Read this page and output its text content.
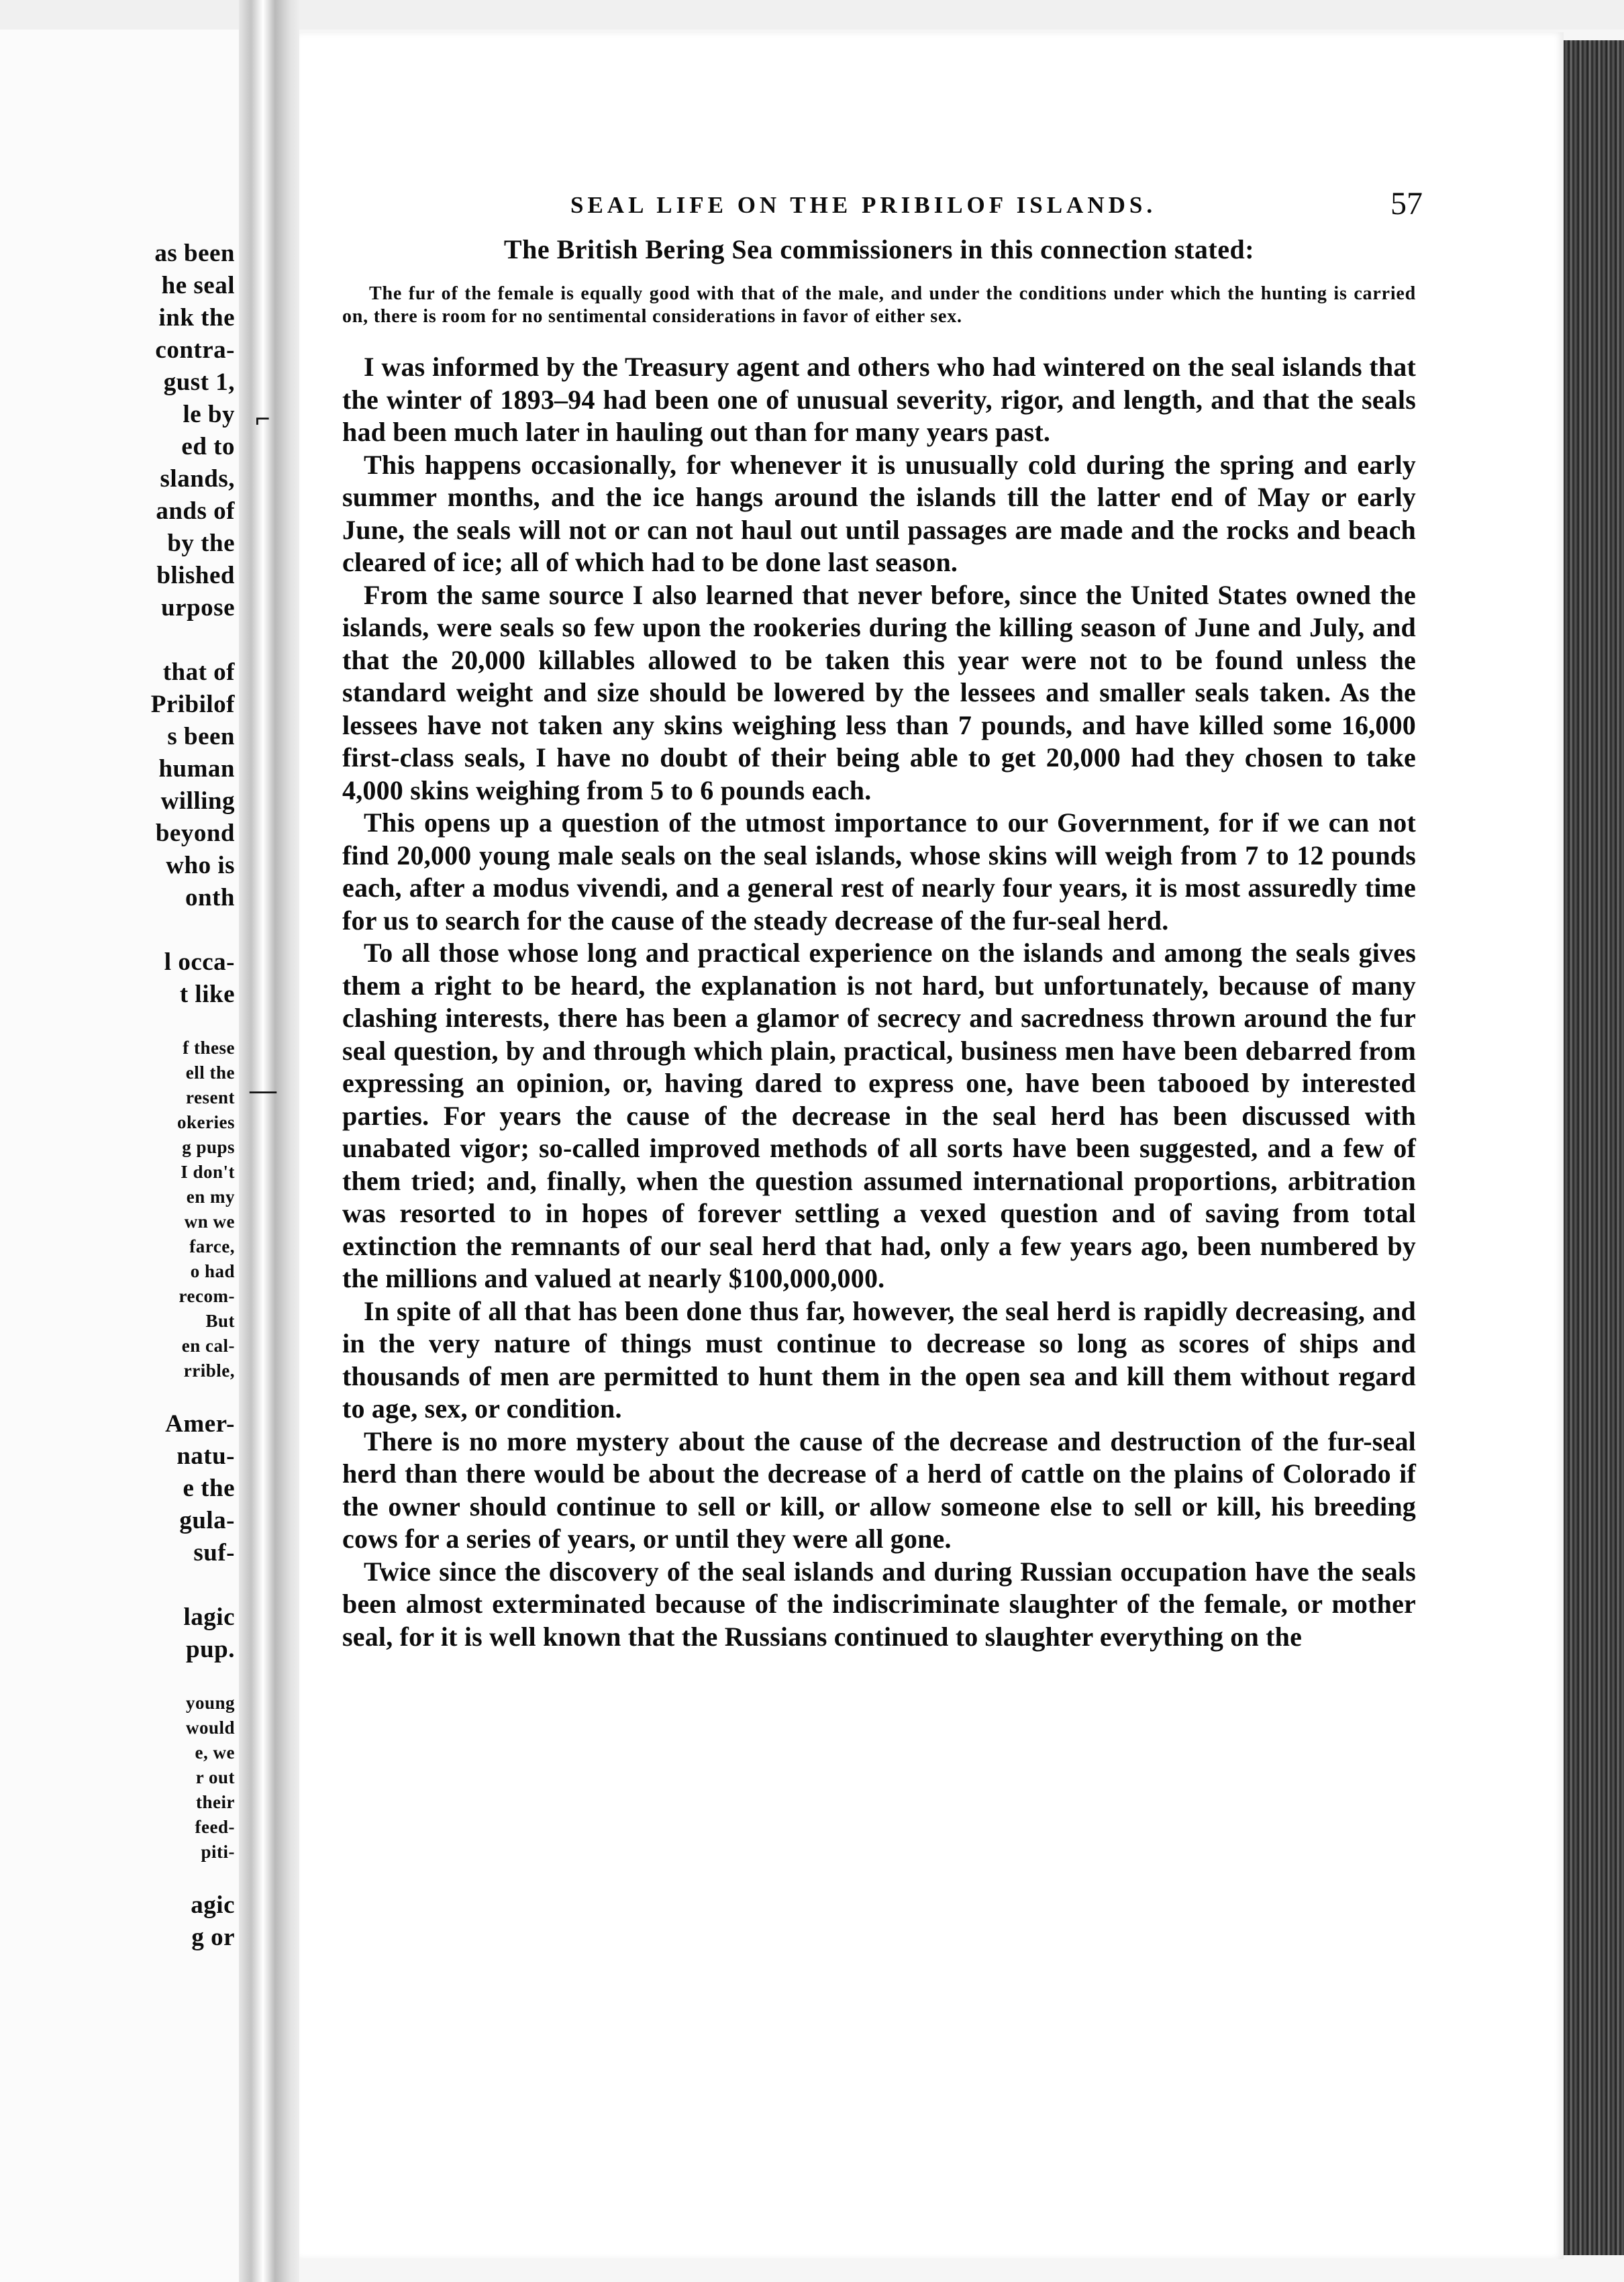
as been
he seal
ink the
contra-
gust 1,
le by
ed to
slands,
ands of
by the
blished
urpose

that of
Pribilof
s been
human
willing
beyond
who is
onth

l occa-
t like

f these
ell the
resent
okeries
g pups
I don't
en my
wn we
farce,
o had
recom-
But
en cal-
rrible,

Amer-
natu-
e the
gula-
suf-

lagic
pup.

young
would
e, we
r out
their
feed-
piti-

agic
g or
⌐
—
SEAL LIFE ON THE PRIBILOF ISLANDS.	57

The British Bering Sea commissioners in this connection stated:

The fur of the female is equally good with that of the male, and under the conditions under which the hunting is carried on, there is room for no sentimental considerations in favor of either sex.

I was informed by the Treasury agent and others who had wintered on the seal islands that the winter of 1893–94 had been one of unusual severity, rigor, and length, and that the seals had been much later in hauling out than for many years past.

This happens occasionally, for whenever it is unusually cold during the spring and early summer months, and the ice hangs around the islands till the latter end of May or early June, the seals will not or can not haul out until passages are made and the rocks and beach cleared of ice; all of which had to be done last season.

From the same source I also learned that never before, since the United States owned the islands, were seals so few upon the rookeries during the killing season of June and July, and that the 20,000 killables allowed to be taken this year were not to be found unless the standard weight and size should be lowered by the lessees and smaller seals taken. As the lessees have not taken any skins weighing less than 7 pounds, and have killed some 16,000 first-class seals, I have no doubt of their being able to get 20,000 had they chosen to take 4,000 skins weighing from 5 to 6 pounds each.

This opens up a question of the utmost importance to our Government, for if we can not find 20,000 young male seals on the seal islands, whose skins will weigh from 7 to 12 pounds each, after a modus vivendi, and a general rest of nearly four years, it is most assuredly time for us to search for the cause of the steady decrease of the fur-seal herd.

To all those whose long and practical experience on the islands and among the seals gives them a right to be heard, the explanation is not hard, but unfortunately, because of many clashing interests, there has been a glamor of secrecy and sacredness thrown around the fur seal question, by and through which plain, practical, business men have been debarred from expressing an opinion, or, having dared to express one, have been tabooed by interested parties. For years the cause of the decrease in the seal herd has been discussed with unabated vigor; so-called improved methods of all sorts have been suggested, and a few of them tried; and, finally, when the question assumed international proportions, arbitration was resorted to in hopes of forever settling a vexed question and of saving from total extinction the remnants of our seal herd that had, only a few years ago, been numbered by the millions and valued at nearly $100,000,000.

In spite of all that has been done thus far, however, the seal herd is rapidly decreasing, and in the very nature of things must continue to decrease so long as scores of ships and thousands of men are permitted to hunt them in the open sea and kill them without regard to age, sex, or condition.

There is no more mystery about the cause of the decrease and destruction of the fur-seal herd than there would be about the decrease of a herd of cattle on the plains of Colorado if the owner should continue to sell or kill, or allow someone else to sell or kill, his breeding cows for a series of years, or until they were all gone.

Twice since the discovery of the seal islands and during Russian occupation have the seals been almost exterminated because of the indiscriminate slaughter of the female, or mother seal, for it is well known that the Russians continued to slaughter everything on the
